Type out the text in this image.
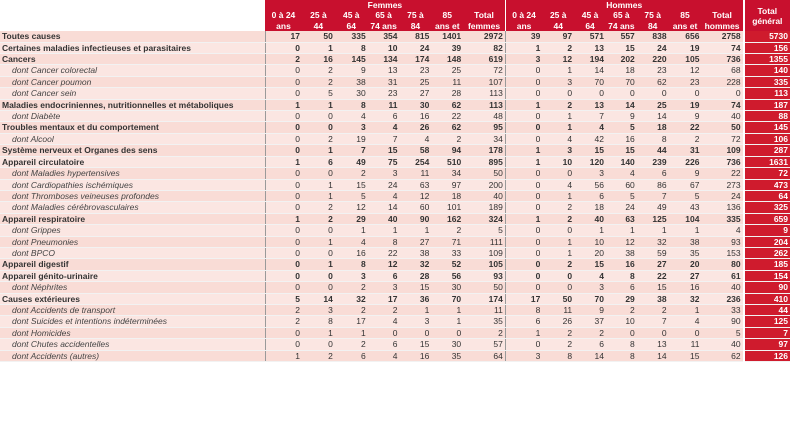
	Femmes							Hommes							Total
général
	0 à 24	25 à	45 à	65 à	75 à	85	Total	0 à 24	25 à	45 à	65 à	75 à	85	Total	
	ans	44	64	74 ans	84	ans et	femmes	ans	44	64	74 ans	84	ans et	hommes	
Toutes causes	17	50	335	354	815	1401	2972	39	97	571	557	838	656	2758	5730
Certaines maladies infectieuses et parasitaires	0	1	8	10	24	39	82	1	2	13	15	24	19	74	156
Cancers	2	16	145	134	174	148	619	3	12	194	202	220	105	736	1355
dont Cancer colorectal	0	2	9	13	23	25	72	0	1	14	18	23	12	68	140
dont Cancer poumon	0	2	38	31	25	11	107	0	3	70	70	62	23	228	335
dont Cancer sein	0	5	30	23	27	28	113	0	0	0	0	0	0	0	113
Maladies endocriniennes, nutritionnelles et métaboliques	1	1	8	11	30	62	113	1	2	13	14	25	19	74	187
dont Diabète	0	0	4	6	16	22	48	0	1	7	9	14	9	40	88
Troubles mentaux et du comportement	0	0	3	4	26	62	95	0	1	4	5	18	22	50	145
dont Alcool	0	2	19	7	4	2	34	0	4	42	16	8	2	72	106
Système nerveux et Organes des sens	0	1	7	15	58	94	178	1	3	15	15	44	31	109	287
Appareil circulatoire	1	6	49	75	254	510	895	1	10	120	140	239	226	736	1631
dont Maladies hypertensives	0	0	2	3	11	34	50	0	0	3	4	6	9	22	72
dont Cardiopathies ischémiques	0	1	15	24	63	97	200	0	4	56	60	86	67	273	473
dont Thromboses veineuses profondes	0	1	5	4	12	18	40	0	1	6	5	7	5	24	64
dont Maladies cérébrovasculaires	0	2	12	14	60	101	189	0	2	18	24	49	43	136	325
Appareil respiratoire	1	2	29	40	90	162	324	1	2	40	63	125	104	335	659
dont Grippes	0	0	1	1	1	2	5	0	0	1	1	1	1	4	9
dont Pneumonies	0	1	4	8	27	71	111	0	1	10	12	32	38	93	204
dont BPCO	0	0	16	22	38	33	109	0	1	20	38	59	35	153	262
Appareil digestif	0	1	8	12	32	52	105	0	2	15	16	27	20	80	185
Appareil génito-urinaire	0	0	3	6	28	56	93	0	0	4	8	22	27	61	154
dont Néphrites	0	0	2	3	15	30	50	0	0	3	6	15	16	40	90
Causes extérieures	5	14	32	17	36	70	174	17	50	70	29	38	32	236	410
dont Accidents de transport	2	3	2	2	1	1	11	8	11	9	2	2	1	33	44
dont Suicides et intentions indéterminées	2	8	17	4	3	1	35	6	26	37	10	7	4	90	125
dont Homicides	0	1	1	0	0	0	2	1	2	2	0	0	0	5	7
dont Chutes accidentelles	0	0	2	6	15	30	57	0	2	6	8	13	11	40	97
dont Accidents (autres)	1	2	6	4	16	35	64	3	8	14	8	14	15	62	126
